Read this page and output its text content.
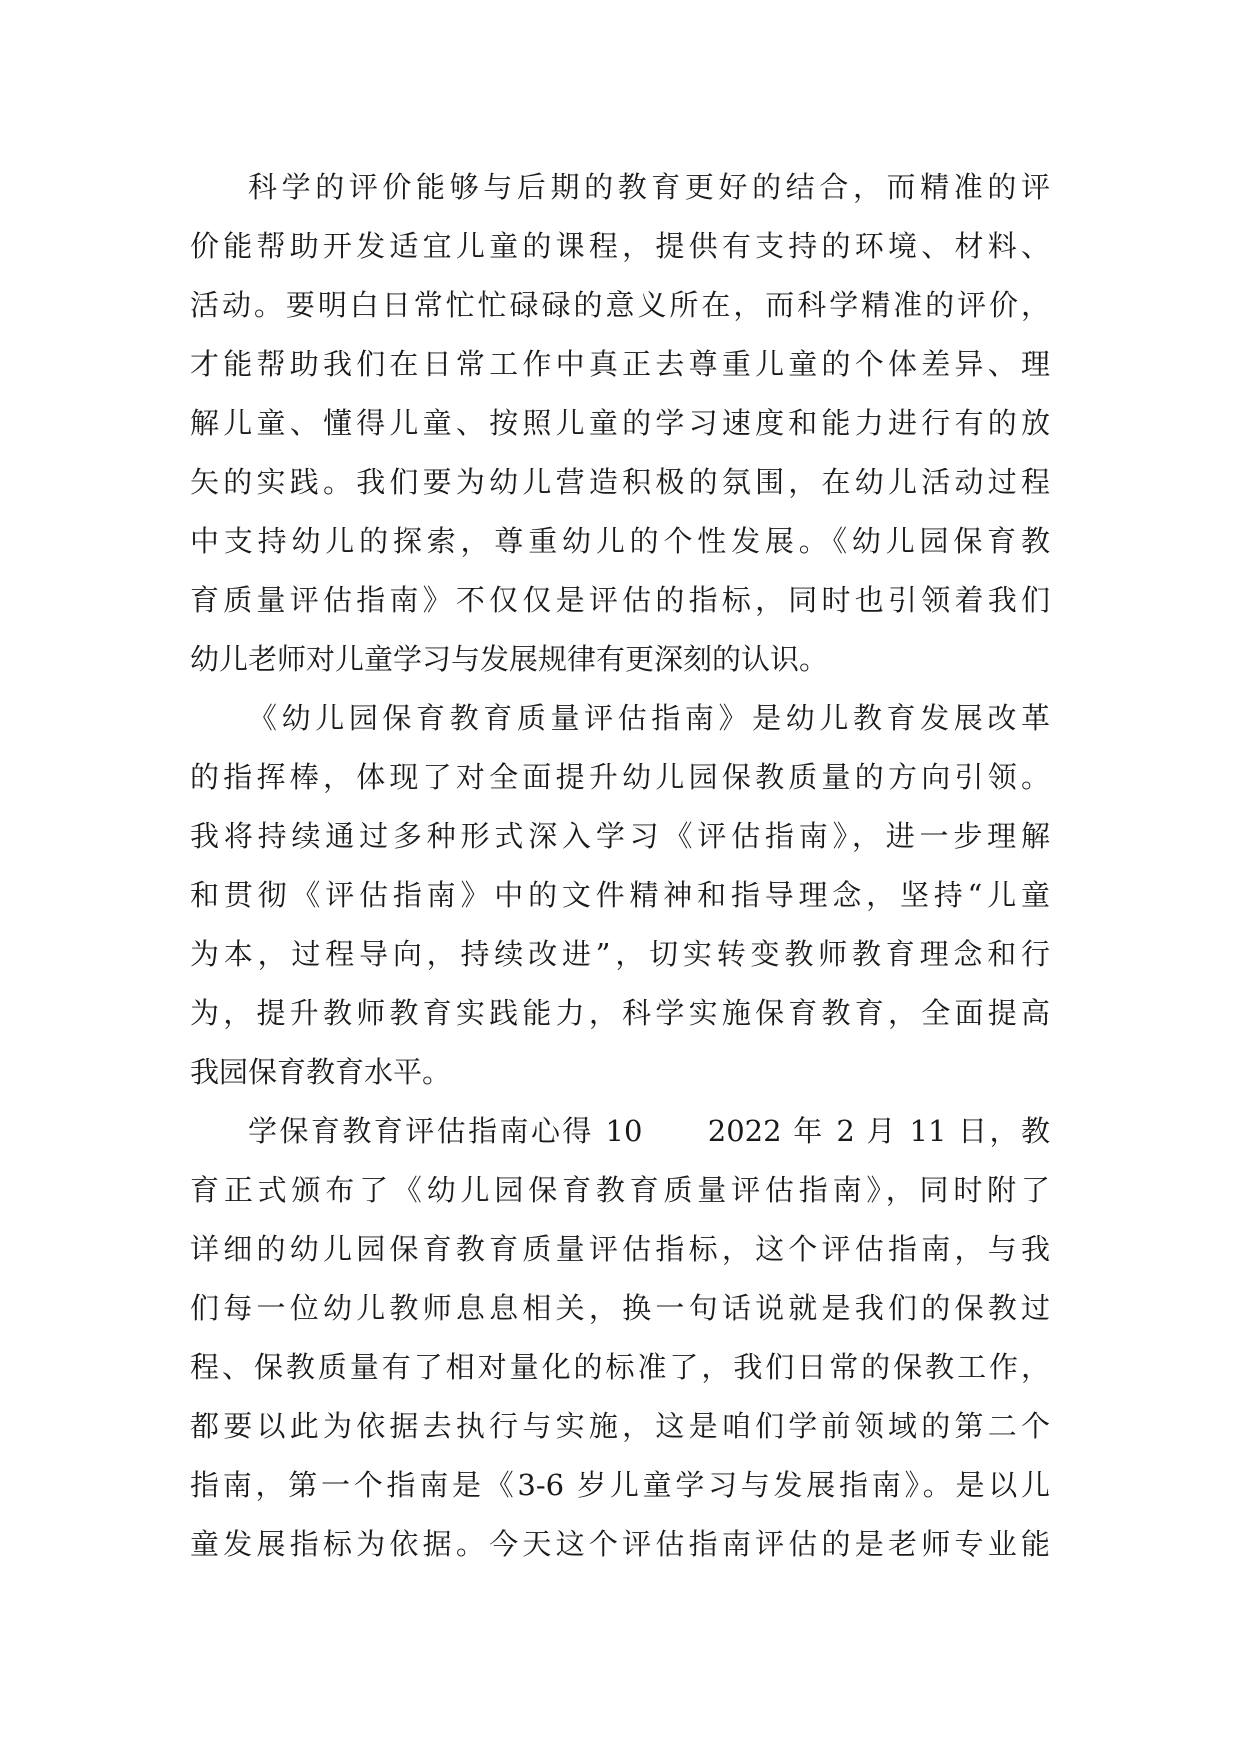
科学的评价能够与后期的教育更好的结合，而精准的评
价能帮助开发适宜儿童的课程，提供有支持的环境、材料、
活动。要明白日常忙忙碌碌的意义所在，而科学精准的评价，
才能帮助我们在日常工作中真正去尊重儿童的个体差异、理
解儿童、懂得儿童、按照儿童的学习速度和能力进行有的放
矢的实践。我们要为幼儿营造积极的氛围，在幼儿活动过程
中支持幼儿的探索，尊重幼儿的个性发展。《幼儿园保育教
育质量评估指南》不仅仅是评估的指标，同时也引领着我们
幼儿老师对儿童学习与发展规律有更深刻的认识。
《幼儿园保育教育质量评估指南》是幼儿教育发展改革
的指挥棒，体现了对全面提升幼儿园保教质量的方向引领。
我将持续通过多种形式深入学习《评估指南》，进一步理解
和贯彻《评估指南》中的文件精神和指导理念，坚持“儿童
为本，过程导向，持续改进”，切实转变教师教育理念和行
为，提升教师教育实践能力，科学实施保育教育，全面提高
我园保育教育水平。
学保育教育评估指南心得 10　　2022 年 2 月 11 日，教
育正式颁布了《幼儿园保育教育质量评估指南》，同时附了
详细的幼儿园保育教育质量评估指标，这个评估指南，与我
们每一位幼儿教师息息相关，换一句话说就是我们的保教过
程、保教质量有了相对量化的标准了，我们日常的保教工作，
都要以此为依据去执行与实施，这是咱们学前领域的第二个
指南，第一个指南是《3-6 岁儿童学习与发展指南》。是以儿
童发展指标为依据。今天这个评估指南评估的是老师专业能
